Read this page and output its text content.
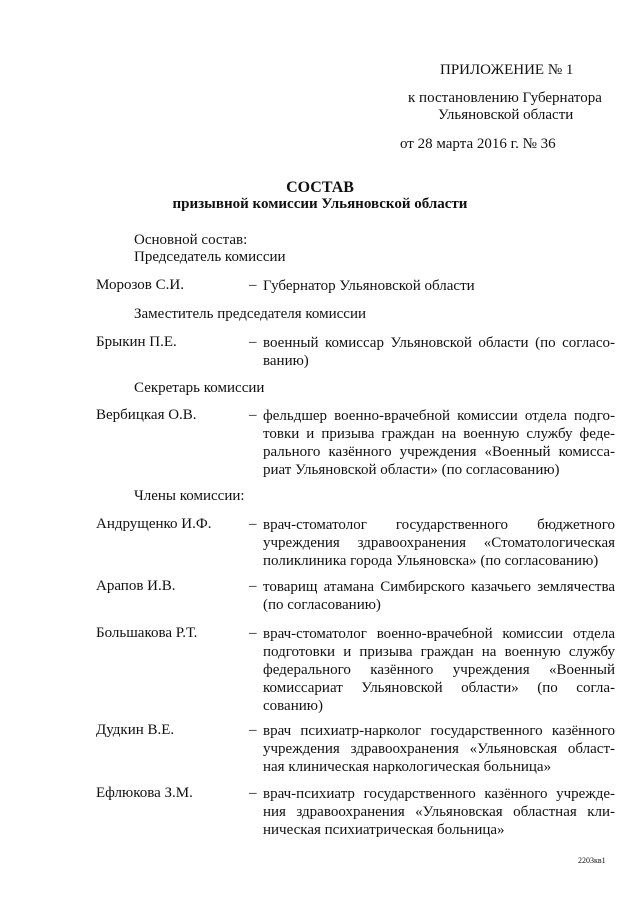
ПРИЛОЖЕНИЕ № 1
к постановлению Губернатора
Ульяновской области
от 28 марта 2016 г. № 36
СОСТАВ
призывной комиссии Ульяновской области
Основной состав:
Председатель комиссии
Морозов С.И.	– Губернатор Ульяновской области
Заместитель председателя комиссии
Брыкин П.Е.	– военный комиссар Ульяновской области (по согласо-
ванию)
Секретарь комиссии
Вербицкая О.В.	– фельдшер военно-врачебной комиссии отдела подго-
товки и призыва граждан на военную службу феде-
рального казённого учреждения «Военный комисса-
риат Ульяновской области» (по согласованию)
Члены комиссии:
Андрущенко И.Ф.	– врач-стоматолог государственного бюджетного
учреждения здравоохранения «Стоматологическая
поликлиника города Ульяновска» (по согласованию)
Арапов И.В.	– товарищ атамана Симбирского казачьего землячества
(по согласованию)
Большакова Р.Т.	– врач-стоматолог военно-врачебной комиссии отдела
подготовки и призыва граждан на военную службу
федерального казённого учреждения «Военный
комиссариат Ульяновской области» (по согла-
сованию)
Дудкин В.Е.	– врач психиатр-нарколог государственного казённого
учреждения здравоохранения «Ульяновская област-
ная клиническая наркологическая больница»
Ефлюкова З.М.	– врач-психиатр государственного казённого учрежде-
ния здравоохранения «Ульяновская областная кли-
ническая психиатрическая больница»
2203кв1
